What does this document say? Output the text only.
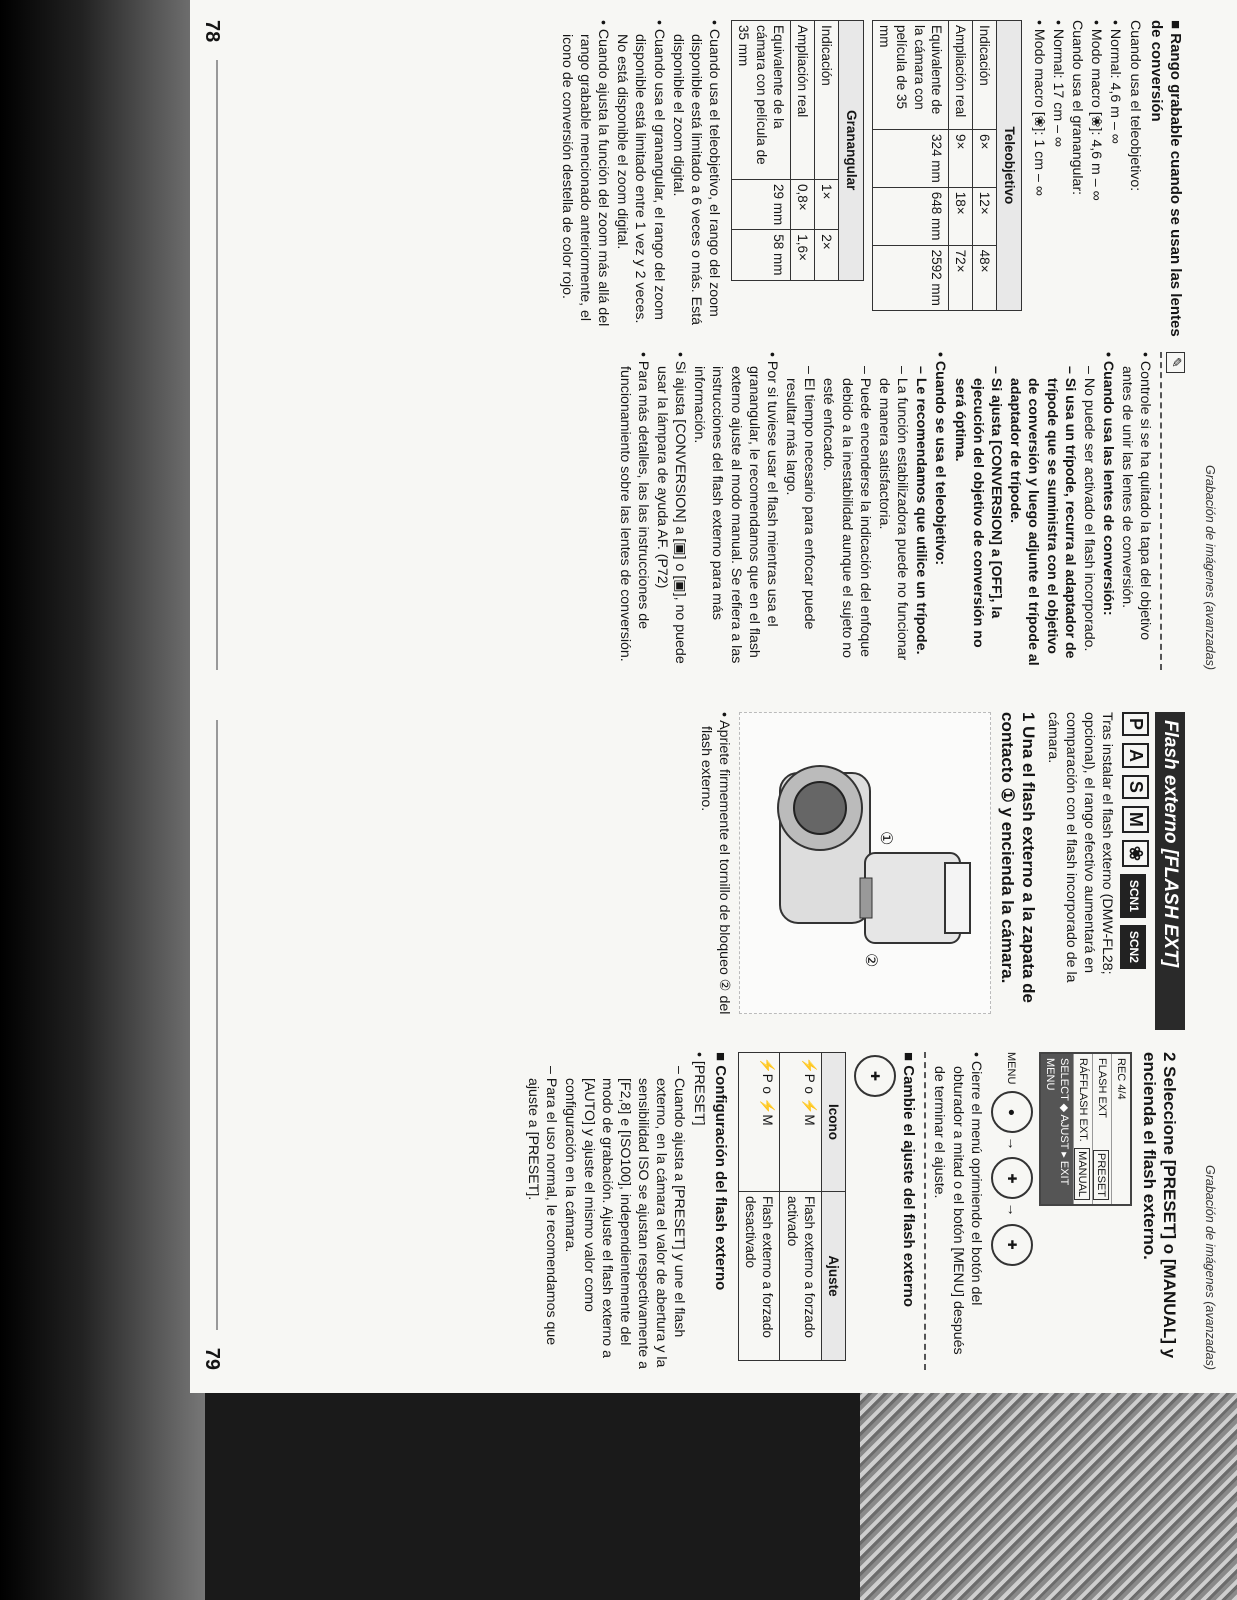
Grabación de imágenes (avanzadas)
■ Rango grabable cuando se usan las lentes de conversión

Cuando usa el teleobjetivo:

• Normal: 4,6 m – ∞

• Modo macro [❀]: 4,6 m – ∞

Cuando usa el granangular:

• Normal: 17 cm – ∞

• Modo macro [❀]: 1 cm – ∞

Teleobjetivo			
Indicación	6×	12×	48×
Ampliación real	9×	18×	72×
Equivalente de la cámara con película de 35 mm	324 mm	648 mm	2592 mm
Granangular		
Indicación	1×	2×
Ampliación real	0,8×	1,6×
Equivalente de la cámara con película de 35 mm	29 mm	58 mm

• Cuando usa el teleobjetivo, el rango del zoom disponible está limitado a 6 veces o más. Está disponible el zoom digital.

• Cuando usa el granangular, el rango del zoom disponible está limitado entre 1 vez y 2 veces. No está disponible el zoom digital.

• Cuando ajusta la función del zoom más allá del rango grabable mencionado anteriormente, el icono de conversión destella de color rojo.

✎

• Controle si se ha quitado la tapa del objetivo antes de unir las lentes de conversión.

• Cuando usa las lentes de conversión:

– No puede ser activado el flash incorporado.

– Si usa un trípode, recurra al adaptador de trípode que se suministra con el objetivo de conversión y luego adjunte el trípode al adaptador de trípode.

– Si ajusta [CONVERSION] a [OFF], la ejecución del objetivo de conversión no será óptima.

• Cuando se usa el teleobjetivo:

– Le recomendamos que utilice un trípode.

– La función estabilizadora puede no funcionar de manera satisfactoria.

– Puede encenderse la indicación del enfoque debido a la inestabilidad aunque el sujeto no esté enfocado.

– El tiempo necesario para enfocar puede resultar más largo.

• Por si tuviese usar el flash mientras usa el granangular, le recomendamos que en el flash externo ajuste al modo manual. Se refiera a las instrucciones del flash externo para más información.

• Si ajusta [CONVERSION] a [▣] o [▣], no puede usar la lámpara de ayuda AF. (P72)

• Para más detalles, las las instrucciones de funcionamiento sobre las lentes de conversión.

78
Grabación de imágenes (avanzadas)
Flash externo [FLASH EXT]
P A S M ❀ SCN1 SCN2

Tras instalar el flash externo (DMW-FL28; opcional), el rango efectivo aumentará en comparación con el flash incorporado de la cámara.

1 Una el flash externo a la zapata de contacto ① y encienda la cámara.
①
②

• Apriete firmemente el tornillo de bloqueo ② del flash externo.

2 Seleccione [PRESET] o [MANUAL] y encienda el flash externo.
REC 4/4
FLASH EXT
PRESET
RÁFFLASH EXT.
MANUAL
SELECT ◆ AJUST ▸ EXIT MENU
MENU ●→ ✚→ ✚

• Cierre el menú oprimiendo el botón del obturador a mitad o el botón [MENU] después de terminar el ajuste.

■ Cambie el ajuste del flash externo
✚
Icono	Ajuste
⚡P o ⚡M	Flash externo a forzado activado
⚡P o ⚡M	Flash externo a forzado desactivado
■ Configuración del flash externo

• [PRESET]

– Cuando ajusta a [PRESET] y une el flash externo, en la cámara el valor de abertura y la sensibilidad ISO se ajustan respectivamente a [F2,8] e [ISO100], independientemente del modo de grabación. Ajuste el flash externo a [AUTO] y ajuste el mismo valor como configuración en la cámara.

– Para el uso normal, le recomendamos que ajuste a [PRESET].

79
